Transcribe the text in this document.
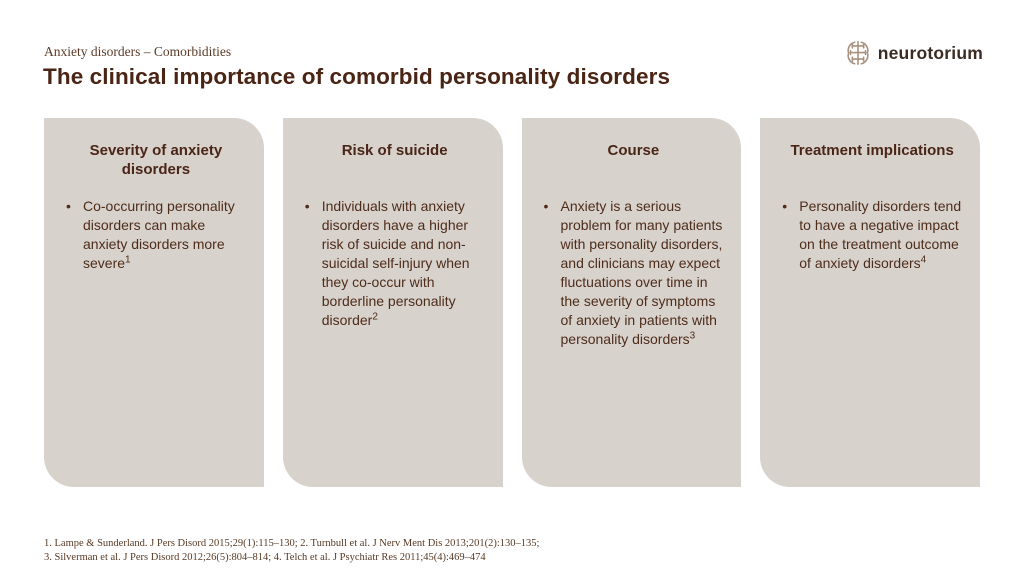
Anxiety disorders – Comorbidities
The clinical importance of comorbid personality disorders
neurotorium
Severity of anxiety disorders
• Co-occurring personality disorders can make anxiety disorders more severe$^1$
Risk of suicide
• Individuals with anxiety disorders have a higher risk of suicide and non-suicidal self-injury when they co-occur with borderline personality disorder$^2$
Course
• Anxiety is a serious problem for many patients with personality disorders, and clinicians may expect fluctuations over time in the severity of symptoms of anxiety in patients with personality disorders$^3$
Treatment implications
• Personality disorders tend to have a negative impact on the treatment outcome of anxiety disorders$^4$
1. Lampe & Sunderland. J Pers Disord 2015;29(1):115–130; 2. Turnbull et al. J Nerv Ment Dis 2013;201(2):130–135;
3. Silverman et al. J Pers Disord 2012;26(5):804–814; 4. Telch et al. J Psychiatr Res 2011;45(4):469–474
